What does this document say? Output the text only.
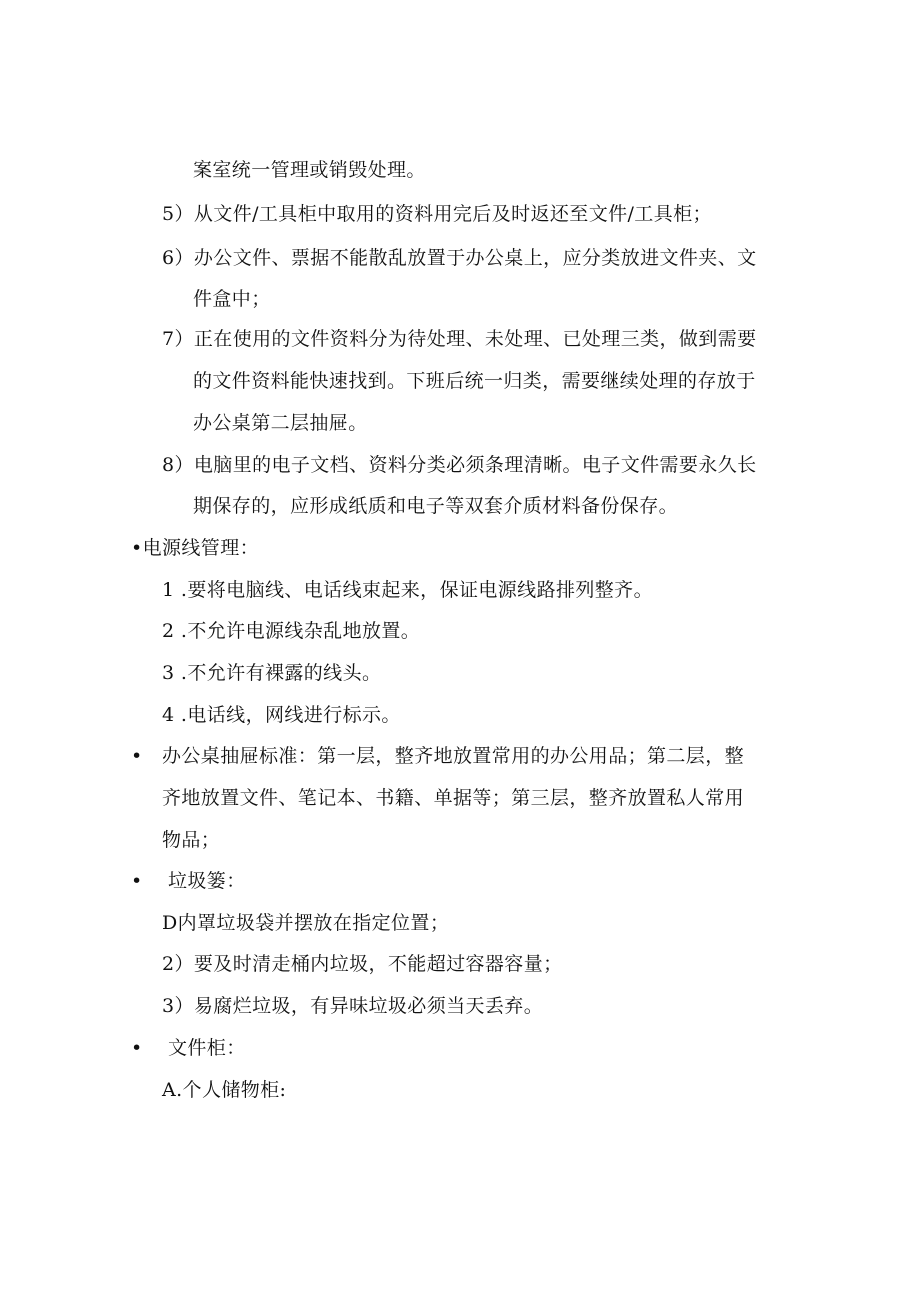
案室统一管理或销毁处理。
5）从文件/工具柜中取用的资料用完后及时返还至文件/工具柜；
6）办公文件、票据不能散乱放置于办公桌上，应分类放进文件夹、文
件盒中；
7）正在使用的文件资料分为待处理、未处理、已处理三类，做到需要
的文件资料能快速找到。下班后统一归类，需要继续处理的存放于
办公桌第二层抽屉。
8）电脑里的电子文档、资料分类必须条理清晰。电子文件需要永久长
期保存的，应形成纸质和电子等双套介质材料备份保存。
•电源线管理：
1 .要将电脑线、电话线束起来，保证电源线路排列整齐。
2 .不允许电源线杂乱地放置。
3 .不允许有裸露的线头。
4 .电话线，网线进行标示。
• 办公桌抽屉标准：第一层，整齐地放置常用的办公用品；第二层，整
齐地放置文件、笔记本、书籍、单据等；第三层，整齐放置私人常用
物品；
• 垃圾篓：
D内罩垃圾袋并摆放在指定位置；
2）要及时清走桶内垃圾，不能超过容器容量；
3）易腐烂垃圾，有异味垃圾必须当天丢弃。
• 文件柜：
A.个人储物柜:
